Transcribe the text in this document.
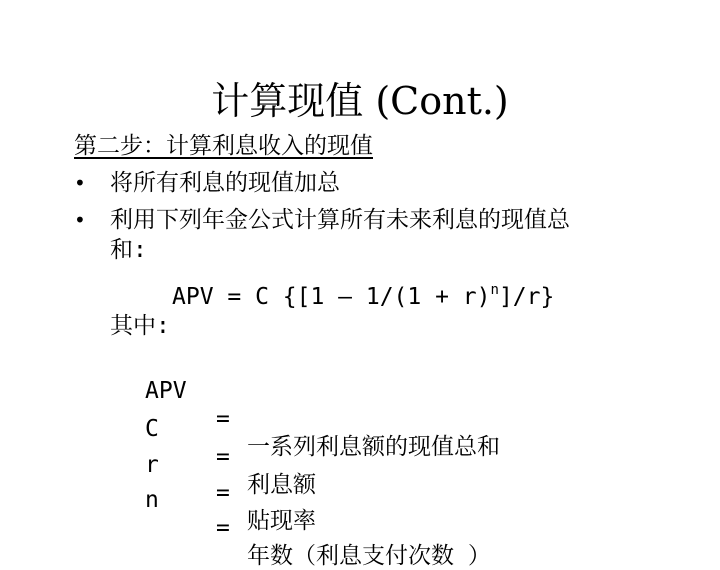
计算现值 (Cont.)
第二步：计算利息收入的现值
• 将所有利息的现值加总
• 利用下列年金公式计算所有未来利息的现值总
和:
APV = C $\{[1 - 1/(1 + r)^n]/r\}$
其中:

APV

=

一系列利息额的现值总和

C

=

利息额

r

=

贴现率

n

=

年数（利息支付次数 ）
